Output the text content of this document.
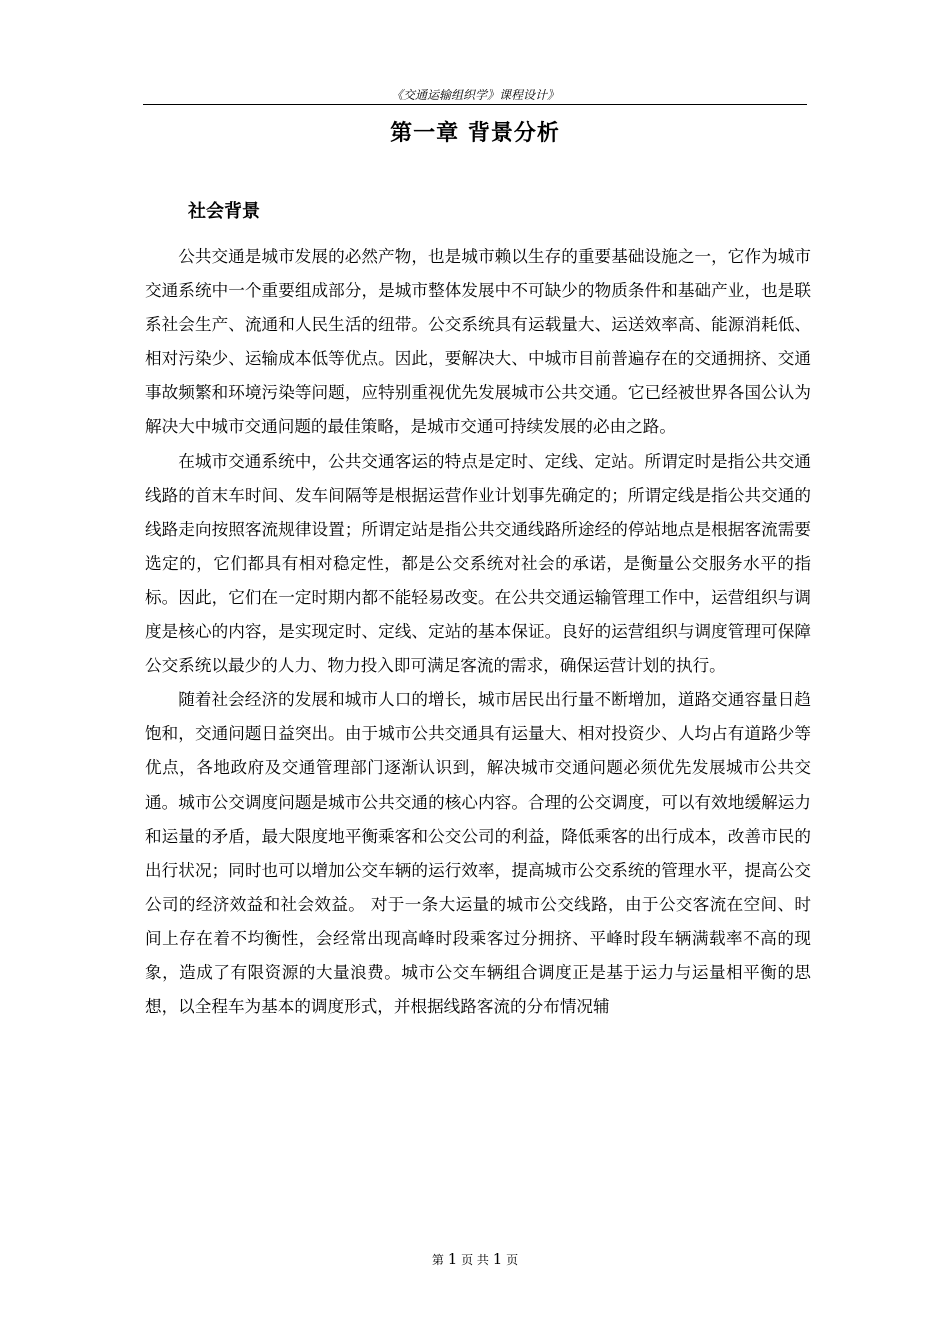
《交通运输组织学》课程设计》
第一章 背景分析
社会背景

公共交通是城市发展的必然产物，也是城市赖以生存的重要基础设施之一，它作为城市交通系统中一个重要组成部分，是城市整体发展中不可缺少的物质条件和基础产业，也是联系社会生产、流通和人民生活的纽带。公交系统具有运载量大、运送效率高、能源消耗低、相对污染少、运输成本低等优点。因此，要解决大、中城市目前普遍存在的交通拥挤、交通事故频繁和环境污染等问题，应特别重视优先发展城市公共交通。它已经被世界各国公认为解决大中城市交通问题的最佳策略，是城市交通可持续发展的必由之路。

在城市交通系统中，公共交通客运的特点是定时、定线、定站。所谓定时是指公共交通线路的首末车时间、发车间隔等是根据运营作业计划事先确定的；所谓定线是指公共交通的线路走向按照客流规律设置；所谓定站是指公共交通线路所途经的停站地点是根据客流需要选定的，它们都具有相对稳定性，都是公交系统对社会的承诺，是衡量公交服务水平的指标。因此，它们在一定时期内都不能轻易改变。在公共交通运输管理工作中，运营组织与调度是核心的内容，是实现定时、定线、定站的基本保证。良好的运营组织与调度管理可保障公交系统以最少的人力、物力投入即可满足客流的需求，确保运营计划的执行。

随着社会经济的发展和城市人口的增长，城市居民出行量不断增加，道路交通容量日趋饱和，交通问题日益突出。由于城市公共交通具有运量大、相对投资少、人均占有道路少等优点，各地政府及交通管理部门逐渐认识到，解决城市交通问题必须优先发展城市公共交通。城市公交调度问题是城市公共交通的核心内容。合理的公交调度，可以有效地缓解运力和运量的矛盾，最大限度地平衡乘客和公交公司的利益，降低乘客的出行成本，改善市民的出行状况；同时也可以增加公交车辆的运行效率，提高城市公交系统的管理水平，提高公交公司的经济效益和社会效益。 对于一条大运量的城市公交线路，由于公交客流在空间、时间上存在着不均衡性，会经常出现高峰时段乘客过分拥挤、平峰时段车辆满载率不高的现象，造成了有限资源的大量浪费。城市公交车辆组合调度正是基于运力与运量相平衡的思想，以全程车为基本的调度形式，并根据线路客流的分布情况辅

第 1 页 共 1 页
